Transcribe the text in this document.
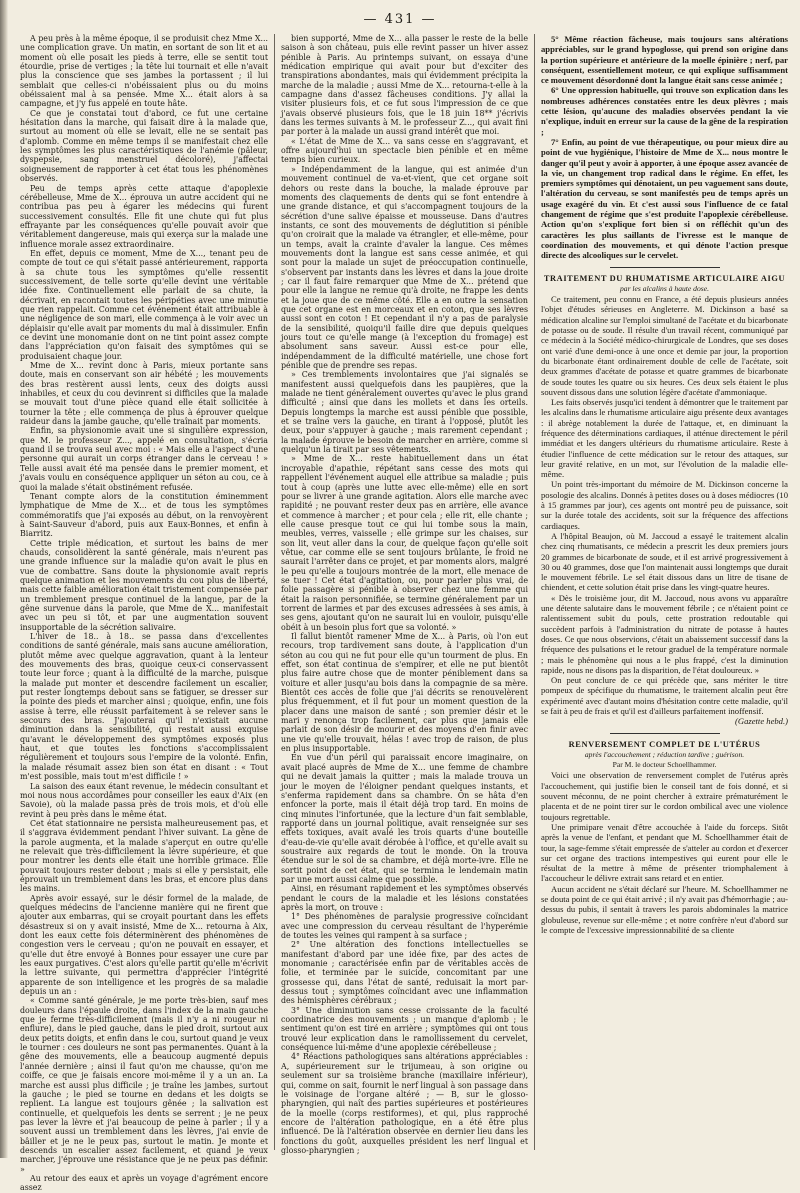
— 431 —

A peu près à la même époque, il se produisit chez Mme X... une complication grave. Un matin, en sortant de son lit et au moment où elle posait les pieds à terre, elle se sentit tout étourdie, prise de vertiges ; la tête lui tournait et elle n'avait plus la conscience que ses jambes la portassent ; il lui semblait que celles-ci n'obéissaient plus ou du moins obéissaient mal à sa pensée. Mme X... était alors à sa campagne, et j'y fus appelé en toute hâte.

Ce que je constatai tout d'abord, ce fut une certaine hésitation dans la marche, qui faisait dire à la malade que, surtout au moment où elle se levait, elle ne se sentait pas d'aplomb. Comme en même temps il se manifestait chez elle les symptômes les plus caractéristiques de l'anémie (pâleur, dyspepsie, sang menstruel décoloré), j'affectai soigneusement de rapporter à cet état tous les phénomènes observés.

Peu de temps après cette attaque d'apoplexie cérébelleuse, Mme de X... éprouva un autre accident qui ne contribua pas peu à égarer les médecins qui furent successivement consultés. Elle fit une chute qui fut plus effrayante par les conséquences qu'elle pouvait avoir que véritablement dangereuse, mais qui exerça sur la malade une influence morale assez extraordinaire.

En effet, depuis ce moment, Mme de X..., tenant peu de compte de tout ce qui s'était passé antérieurement, rapporta à sa chute tous les symptômes qu'elle ressentit successivement, de telle sorte qu'elle devint une véritable idée fixe. Continuellement elle parlait de sa chute, la décrivait, en racontait toutes les péripéties avec une minutie que rien rappelait. Comme cet événement était attribuable à une négligence de son mari, elle commença à le voir avec un déplaisir qu'elle avait par moments du mal à dissimuler. Enfin ce devint une monomanie dont on ne tint point assez compte dans l'appréciation qu'on faisait des symptômes qui se produisaient chaque jour.

Mme de X... revint donc à Paris, mieux portante sans doute, mais en conservant son air hébété ; les mouvements des bras restèrent aussi lents, ceux des doigts aussi inhabiles, et ceux du cou devinrent si difficiles que la malade se mouvait tout d'une pièce quand elle était sollicitée à tourner la tête ; elle commença de plus à éprouver quelque raideur dans la jambe gauche, qu'elle traînait par moments.

Enfin, sa physionomie avait une si singulière expression, que M. le professeur Z..., appelé en consultation, s'écria quand il se trouva seul avec moi : « Mais elle a l'aspect d'une personne qui aurait un corps étranger dans le cerveau ! » Telle aussi avait été ma pensée dans le premier moment, et j'avais voulu en conséquence appliquer un séton au cou, ce à quoi la malade s'était obstinément refusée.

Tenant compte alors de la constitution éminemment lymphatique de Mme de X... et de tous les symptômes commémoratifs que j'ai exposés au début, on la renvoyèrent à Saint-Sauveur d'abord, puis aux Eaux-Bonnes, et enfin à Biarritz.

Cette triple médication, et surtout les bains de mer chauds, consolidèrent la santé générale, mais n'eurent pas une grande influence sur la maladie qu'on avait le plus en vue de combattre. Sans doute la physionomie avait repris quelque animation et les mouvements du cou plus de liberté, mais cette faible amélioration était tristement compensée par un tremblement presque continuel de la langue, par de la gêne survenue dans la parole, que Mme de X... manifestait avec un peu si tôt, et par une augmentation souvent insupportable de la sécrétion salivaire.

L'hiver de 18.. à 18.. se passa dans d'excellentes conditions de santé générale, mais sans aucune amélioration, plutôt même avec quelque aggravation, quant à la lenteur des mouvements des bras, quoique ceux-ci conservassent toute leur force ; quant à la difficulté de la marche, puisque la malade put monter et descendre facilement un escalier, put rester longtemps debout sans se fatiguer, se dresser sur la pointe des pieds et marcher ainsi ; quoique, enfin, une fois assise à terre, elle réussit parfaitement à se relever sans le secours des bras. J'ajouterai qu'il n'existait aucune diminution dans la sensibilité, qui restait aussi exquise qu'avant le développement des symptômes exposés plus haut, et que toutes les fonctions s'accomplissaient régulièrement et toujours sous l'empire de la volonté. Enfin, la malade résumait assez bien son état en disant : « Tout m'est possible, mais tout m'est difficile ! »

La saison des eaux étant revenue, le médecin consultant et moi nous nous accordâmes pour conseiller les eaux d'Aix (en Savoie), où la malade passa près de trois mois, et d'où elle revint à peu près dans le même état.

Cet état stationnaire ne persista malheureusement pas, et il s'aggrava évidemment pendant l'hiver suivant. La gêne de la parole augmenta, et la malade s'aperçut en outre qu'elle ne relevait que très-difficilement la lèvre supérieure, et que pour montrer les dents elle était une horrible grimace. Elle pouvait toujours rester debout ; mais si elle y persistait, elle éprouvait un tremblement dans les bras, et encore plus dans les mains.

Après avoir essayé, sur le désir formel de la malade, de quelques médecins de l'ancienne manière qui ne firent que ajouter aux embarras, qui se croyait pourtant dans les effets désastreux si on y avait insisté, Mme de X... retourna à Aix, dont les eaux cette fois déterminèrent des phénomènes de congestion vers le cerveau ; qu'on ne pouvait en essayer, et qu'elle dut être envoyé à Bonnes pour essayer une cure par les eaux purgatives. C'est alors qu'elle partit qu'elle m'écrivit la lettre suivante, qui permettra d'apprécier l'intégrité apparente de son intelligence et les progrès de sa maladie depuis un an :

« Comme santé générale, je me porte très-bien, sauf mes douleurs dans l'épaule droite, dans l'index de la main gauche que je ferme très-difficilement (mais il n'y a ni rougeur ni enflure), dans le pied gauche, dans le pied droit, surtout aux deux petits doigts, et enfin dans le cou, surtout quand je veux le tourner : ces douleurs ne sont pas permanentes. Quant à la gêne des mouvements, elle a beaucoup augmenté depuis l'année dernière ; ainsi il faut qu'on me chausse, qu'on me coiffe, ce que je faisais encore moi-même il y a un an. La marche est aussi plus difficile ; je traîne les jambes, surtout la gauche ; le pied se tourne en dedans et les doigts se replient. La langue est toujours gênée ; la salivation est continuelle, et quelquefois les dents se serrent ; je ne peux pas lever la lèvre et j'ai beaucoup de peine à parler ; il y a souvent aussi un tremblement dans les lèvres, j'ai envie de bâiller et je ne le peux pas, surtout le matin. Je monte et descends un escalier assez facilement, et quand je veux marcher, j'éprouve une résistance que je ne peux pas définir. »

Au retour des eaux et après un voyage d'agrément encore assez

bien supporté, Mme de X... alla passer le reste de la belle saison à son château, puis elle revint passer un hiver assez pénible à Paris. Au printemps suivant, on essaya d'une médication empirique qui avait pour but d'exciter des transpirations abondantes, mais qui évidemment précipita la marche de la maladie ; aussi Mme de X... retourna-t-elle à la campagne dans d'assez fâcheuses conditions. J'y allai la visiter plusieurs fois, et ce fut sous l'impression de ce que j'avais observé plusieurs fois, que le 18 juin 18** j'écrivis dans les termes suivants à M. le professeur Z..., qui avait fini par porter à la malade un aussi grand intérêt que moi.

« L'état de Mme de X... va sans cesse en s'aggravant, et offre aujourd'hui un spectacle bien pénible et en même temps bien curieux.

» Indépendamment de la langue, qui est animée d'un mouvement continuel de va-et-vient, que cet organe soit dehors ou reste dans la bouche, la malade éprouve par moments des claquements de dents qui se font entendre à une grande distance, et qui s'accompagnent toujours de la sécrétion d'une salive épaisse et mousseuse. Dans d'autres instants, ce sont des mouvements de déglutition si pénible qu'on croirait que la malade va étrangler, et elle-même, pour un temps, avait la crainte d'avaler la langue. Ces mêmes mouvements dont la langue est sans cesse animée, et qui sont pour la malade un sujet de préoccupation continuelle, s'observent par instants dans les lèvres et dans la joue droite ; car il faut faire remarquer que Mme de X... prétend que pour elle la langue ne remue qu'à droite, ne frappe les dents et la joue que de ce même côté. Elle a en outre la sensation que cet organe est en morceaux et en coton, que ses lèvres aussi sont en coton ! Et cependant il n'y a pas de paralysie de la sensibilité, quoiqu'il faille dire que depuis quelques jours tout ce qu'elle mange (à l'exception du fromage) est absolument sans saveur. Aussi est-ce pour elle, indépendamment de la difficulté matérielle, une chose fort pénible que de prendre ses repas.

» Ces tremblements involontaires que j'ai signalés se manifestent aussi quelquefois dans les paupières, que la malade ne tient généralement ouvertes qu'avec le plus grand difficulté ; ainsi que dans les mollets et dans les orteils. Depuis longtemps la marche est aussi pénible que possible, et se traîne vers la gauche, en tirant à l'opposé, plutôt les deux, pour s'appuyer à gauche ; mais rarement cependant ; la malade éprouve le besoin de marcher en arrière, comme si quelqu'un la tirait par ses vêtements.

» Mme de X... reste habituellement dans un état incroyable d'apathie, répétant sans cesse des mots qui rappellent l'événement auquel elle attribue sa maladie ; puis tout à coup (après une lutte avec elle-même) elle en sort pour se livrer à une grande agitation. Alors elle marche avec rapidité ; ne pouvant rester deux pas en arrière, elle avance et commence à marcher ; et pour cela ; elle rit, elle chante ; elle cause presque tout ce qui lui tombe sous la main, meubles, verres, vaisselle ; elle grimpe sur les chaises, sur son lit, veut aller dans la cour, de quelque façon qu'elle soit vêtue, car comme elle se sent toujours brûlante, le froid ne saurait l'arrêter dans ce projet, et par moments alors, malgré le peu qu'elle a toujours montrée de la mort, elle menace de se tuer ! Cet état d'agitation, ou, pour parler plus vrai, de folie passagère si pénible à observer chez une femme qui était la raison personnifiée, se termine généralement par un torrent de larmes et par des excuses adressées à ses amis, à ses gens, ajoutant qu'on ne saurait lui en vouloir, puisqu'elle obéit à un besoin plus fort que sa volonté. »

Il fallut bientôt ramener Mme de X... à Paris, où l'on eut recours, trop tardivement sans doute, à l'application d'un séton au cou qui ne fut pour elle qu'un tourment de plus. En effet, son état continua de s'empirer, et elle ne put bientôt plus faire autre chose que de monter péniblement dans sa voiture et aller jusqu'au bois dans la compagnie de sa mère. Bientôt ces accès de folie que j'ai décrits se renouvelèrent plus fréquemment, et il fut pour un moment question de la placer dans une maison de santé ; son premier désir et le mari y renonça trop facilement, car plus que jamais elle parlait de son désir de mourir et des moyens d'en finir avec une vie qu'elle trouvait, hélas ! avec trop de raison, de plus en plus insupportable.

En vue d'un péril qui paraissait encore imaginaire, on avait placé auprès de Mme de X... une femme de chambre qui ne devait jamais la quitter ; mais la malade trouva un jour le moyen de l'éloigner pendant quelques instants, et s'enferma rapidement dans sa chambre. On se hâta d'en enfoncer la porte, mais il était déjà trop tard. En moins de cinq minutes l'infortunée, que la lecture d'un fait semblable, rapporté dans un journal politique, avait renseignée sur ses effets toxiques, avait avalé les trois quarts d'une bouteille d'eau-de-vie qu'elle avait dérobée à l'office, et qu'elle avait su soustraire aux regards de tout le monde. On la trouva étendue sur le sol de sa chambre, et déjà morte-ivre. Elle ne sortit point de cet état, qui se termina le lendemain matin par une mort aussi calme que possible.

Ainsi, en résumant rapidement et les symptômes observés pendant le cours de la maladie et les lésions constatées après la mort, on trouve :

1° Des phénomènes de paralysie progressive coïncidant avec une compression du cerveau résultant de l'hyperémie de toutes les veines qui rampent à sa surface ;

2° Une altération des fonctions intellectuelles se manifestant d'abord par une idée fixe, par des actes de monomanie ; caractérisée enfin par de véritables accès de folie, et terminée par le suicide, concomitant par une grossesse qui, dans l'état de santé, reduisait la mort par-dessus tout ; symptômes coïncidant avec une inflammation des hémisphères cérébraux ;

3° Une diminution sans cesse croissante de la faculté coordinatrice des mouvements ; un manque d'aplomb ; le sentiment qu'on est tiré en arrière ; symptômes qui ont tous trouvé leur explication dans le ramollissement du cervelet, conséquence lui-même d'une apoplexie cérébelleuse ;

4° Réactions pathologiques sans altérations appréciables : A, supérieurement sur le trijumeau, à son origine ou seulement sur sa troisième branche (maxillaire inférieur), qui, comme on sait, fournit le nerf lingual à son passage dans le voisinage de l'organe altéré ; — B, sur le glosso-pharyngien, qui naît des parties supérieures et postérieures de la moelle (corps restiformes), et qui, plus rapproché encore de l'altération pathologique, en a été être plus influencé. De là l'altération observée en dernier lieu dans les fonctions du goût, auxquelles président les nerf lingual et glosso-pharyngien ;

5° Même réaction fâcheuse, mais toujours sans altérations appréciables, sur le grand hypoglosse, qui prend son origine dans la portion supérieure et antérieure de la moelle épinière ; nerf, par conséquent, essentiellement moteur, ce qui explique suffisamment ce mouvement désordonné dont la langue était sans cesse animée ;

6° Une oppression habituelle, qui trouve son explication dans les nombreuses adhérences constatées entre les deux plèvres ; mais cette lésion, qu'aucune des maladies observées pendant la vie n'explique, induit en erreur sur la cause de la gêne de la respiration ;

7° Enfin, au point de vue thérapeutique, ou pour mieux dire au point de vue hygiénique, l'histoire de Mme de X... nous montre le danger qu'il peut y avoir à apporter, à une époque assez avancée de la vie, un changement trop radical dans le régime. En effet, les premiers symptômes qui dénotaient, un peu vaguement sans doute, l'altération du cerveau, se sont manifestés peu de temps après un usage exagéré du vin. Et c'est aussi sous l'influence de ce fatal changement de régime que s'est produite l'apoplexie cérébelleuse. Action qu'on s'explique fort bien si on réfléchit qu'un des caractères les plus saillants de l'ivresse est le manque de coordination des mouvements, et qui dénote l'action presque directe des alcooliques sur le cervelet.

TRAITEMENT DU RHUMATISME ARTICULAIRE AIGU

par les alcalins à haute dose.

Ce traitement, peu connu en France, a été depuis plusieurs années l'objet d'études sérieuses en Angleterre. M. Dickinson a basé sa médication alcaline sur l'emploi simultané de l'acétate et du bicarbonate de potasse ou de soude. Il résulte d'un travail récent, communiqué par ce médecin à la Société médico-chirurgicale de Londres, que ses doses ont varié d'une demi-once à une once et demie par jour, la proportion du bicarbonate étant ordinairement double de celle de l'acétate, soit deux grammes d'acétate de potasse et quatre grammes de bicarbonate de soude toutes les quatre ou six heures. Ces deux sels étaient le plus souvent dissous dans une solution légère d'acétate d'ammoniaque.

Les faits observés jusqu'ici tendent à démontrer que le traitement par les alcalins dans le rhumatisme articulaire aigu présente deux avantages : il abrège notablement la durée de l'attaque, et, en diminuant la fréquence des déterminations cardiaques, il atténue directement le péril immédiat et les dangers ultérieurs du rhumatisme articulaire. Reste à étudier l'influence de cette médication sur le retour des attaques, sur leur gravité relative, en un mot, sur l'évolution de la maladie elle-même.

Un point très-important du mémoire de M. Dickinson concerne la posologie des alcalins. Donnés à petites doses ou à doses médiocres (10 à 15 grammes par jour), ces agents ont montré peu de puissance, soit sur la durée totale des accidents, soit sur la fréquence des affections cardiaques.

A l'hôpital Beaujon, où M. Jaccoud a essayé le traitement alcalin chez cinq rhumatisants, ce médecin a prescrit les deux premiers jours 20 grammes de bicarbonate de soude, et il est arrivé progressivement à 30 ou 40 grammes, dose que l'on maintenait aussi longtemps que durait le mouvement fébrile. Le sel était dissous dans un litre de tisane de chiendent, et cette solution était prise dans les vingt-quatre heures.

« Dès le troisième jour, dit M. Jaccoud, nous avons vu apparaître une détente salutaire dans le mouvement fébrile ; ce n'étaient point ce ralentissement subit du pouls, cette prostration redoutable qui succèdent parfois à l'administration du nitrate de potasse à hautes doses. Ce que nous observions, c'était un abaissement successif dans la fréquence des pulsations et le retour graduel de la température normale ; mais le phénomène qui nous a le plus frappé, c'est la diminution rapide, nous ne disons pas la disparition, de l'état douloureux. »

On peut conclure de ce qui précède que, sans mériter le titre pompeux de spécifique du rhumatisme, le traitement alcalin peut être expérimenté avec d'autant moins d'hésitation contre cette maladie, qu'il se fait à peu de frais et qu'il est d'ailleurs parfaitement inoffensif.

(Gazette hebd.)

RENVERSEMENT COMPLET DE L'UTÉRUS

après l'accouchement ; réduction tardive ; guérison.

Par M. le docteur Schoellhammer.

Voici une observation de renversement complet de l'utérus après l'accouchement, qui justifie bien le conseil tant de fois donné, et si souvent méconnu, de ne point chercher à extraire prématurément le placenta et de ne point tirer sur le cordon ombilical avec une violence toujours regrettable.

Une primipare venait d'être accouchée à l'aide du forceps. Sitôt après la venue de l'enfant, et pendant que M. Schoellhammer était de tour, la sage-femme s'était empressée de s'atteler au cordon et d'exercer sur cet organe des tractions intempestives qui eurent pour elle le résultat de la mettre à même de présenter triomphalement à l'accoucheur le délivre extrait sans retard et en entier.

Aucun accident ne s'était déclaré sur l'heure. M. Schoellhammer ne se douta point de ce qui était arrivé ; il n'y avait pas d'hémorrhagie ; au-dessus du pubis, il sentait à travers les parois abdominales la matrice globuleuse, revenue sur elle-même ; et notre confrère n'eut d'abord sur le compte de l'excessive impressionnabilité de sa cliente
